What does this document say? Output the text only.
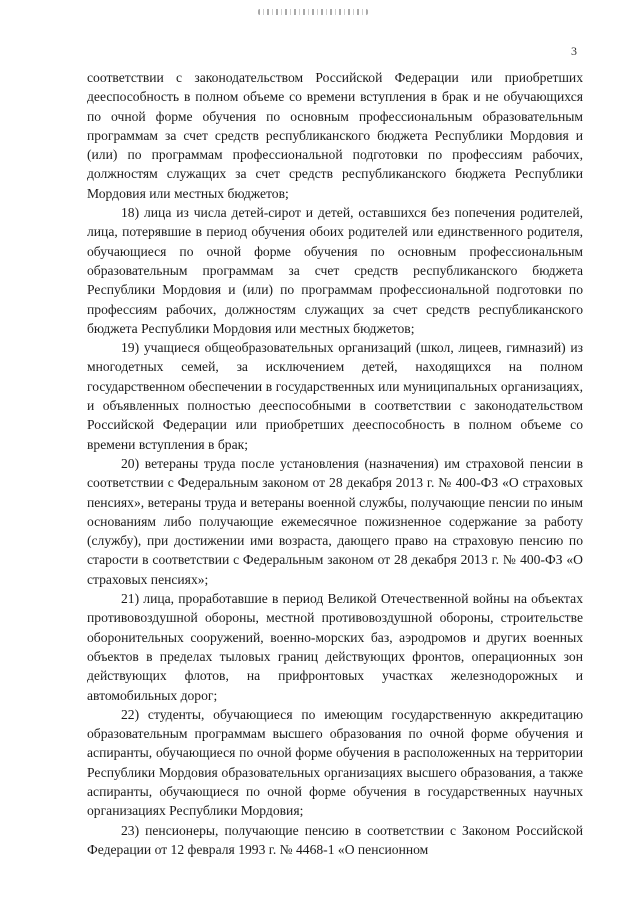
3

соответствии с законодательством Российской Федерации или приобретших дееспособность в полном объеме со времени вступления в брак и не обучающихся по очной форме обучения по основным профессиональным образовательным программам за счет средств республиканского бюджета Республики Мордовия и (или) по программам профессиональной подготовки по профессиям рабочих, должностям служащих за счет средств республиканского бюджета Республики Мордовия или местных бюджетов;

18) лица из числа детей-сирот и детей, оставшихся без попечения родителей, лица, потерявшие в период обучения обоих родителей или единственного родителя, обучающиеся по очной форме обучения по основным профессиональным образовательным программам за счет средств республиканского бюджета Республики Мордовия и (или) по программам профессиональной подготовки по профессиям рабочих, должностям служащих за счет средств республиканского бюджета Республики Мордовия или местных бюджетов;

19) учащиеся общеобразовательных организаций (школ, лицеев, гимназий) из многодетных семей, за исключением детей, находящихся на полном государственном обеспечении в государственных или муниципальных организациях, и объявленных полностью дееспособными в соответствии с законодательством Российской Федерации или приобретших дееспособность в полном объеме со времени вступления в брак;

20) ветераны труда после установления (назначения) им страховой пенсии в соответствии с Федеральным законом от 28 декабря 2013 г. № 400-ФЗ «О страховых пенсиях», ветераны труда и ветераны военной службы, получающие пенсии по иным основаниям либо получающие ежемесячное пожизненное содержание за работу (службу), при достижении ими возраста, дающего право на страховую пенсию по старости в соответствии с Федеральным законом от 28 декабря 2013 г. № 400-ФЗ «О страховых пенсиях»;

21) лица, проработавшие в период Великой Отечественной войны на объектах противовоздушной обороны, местной противовоздушной обороны, строительстве оборонительных сооружений, военно-морских баз, аэродромов и других военных объектов в пределах тыловых границ действующих фронтов, операционных зон действующих флотов, на прифронтовых участках железнодорожных и автомобильных дорог;

22) студенты, обучающиеся по имеющим государственную аккредитацию образовательным программам высшего образования по очной форме обучения и аспиранты, обучающиеся по очной форме обучения в расположенных на территории Республики Мордовия образовательных организациях высшего образования, а также аспиранты, обучающиеся по очной форме обучения в государственных научных организациях Республики Мордовия;

23) пенсионеры, получающие пенсию в соответствии с Законом Российской Федерации от 12 февраля 1993 г. № 4468-1 «О пенсионном
